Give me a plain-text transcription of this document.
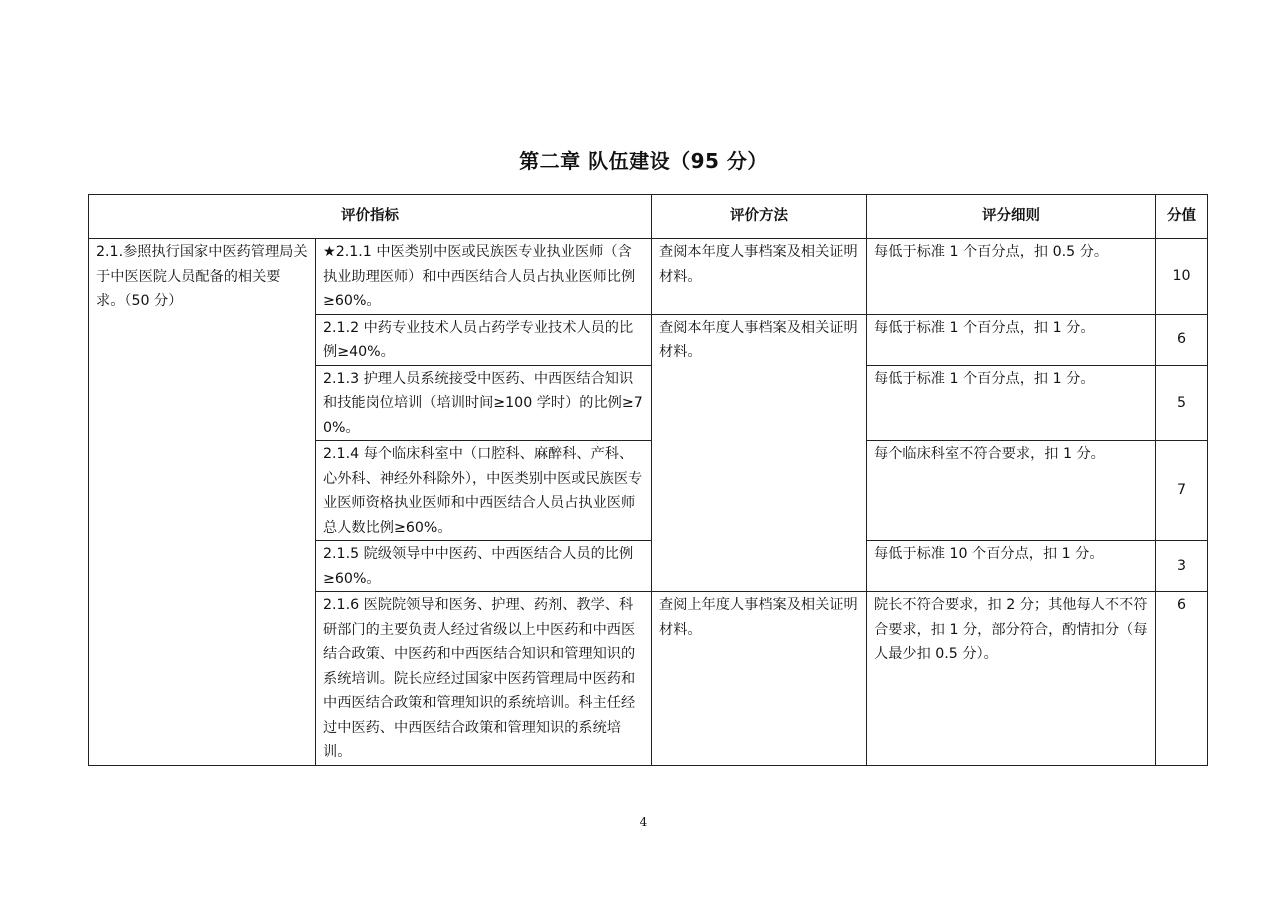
第二章 队伍建设（95 分）
评价指标		评价方法	评分细则	分值

2.1.参照执行国家中医药管理局关于中医医院人员配备的相关要求。（50 分）	★2.1.1 中医类别中医或民族医专业执业医师（含执业助理医师）和中西医结合人员占执业医师比例≥60%。	查阅本年度人事档案及相关证明材料。	每低于标准 1 个百分点，扣 0.5 分。	10

	2.1.2 中药专业技术人员占药学专业技术人员的比例≥40%。	查阅本年度人事档案及相关证明材料。	每低于标准 1 个百分点，扣 1 分。	6

	2.1.3 护理人员系统接受中医药、中西医结合知识和技能岗位培训（培训时间≥100 学时）的比例≥70%。		每低于标准 1 个百分点，扣 1 分。	5

	2.1.4 每个临床科室中（口腔科、麻醉科、产科、心外科、神经外科除外），中医类别中医或民族医专业医师资格执业医师和中西医结合人员占执业医师总人数比例≥60%。		每个临床科室不符合要求，扣 1 分。	7

	2.1.5 院级领导中中医药、中西医结合人员的比例≥60%。		每低于标准 10 个百分点，扣 1 分。	3

	2.1.6 医院院领导和医务、护理、药剂、教学、科研部门的主要负责人经过省级以上中医药和中西医结合政策、中医药和中西医结合知识和管理知识的系统培训。院长应经过国家中医药管理局中医药和中西医结合政策和管理知识的系统培训。科主任经过中医药、中西医结合政策和管理知识的系统培训。	查阅上年度人事档案及相关证明材料。	院长不符合要求，扣 2 分；其他每人不不符合要求，扣 1 分，部分符合，酌情扣分（每人最少扣 0.5 分）。	6
4
